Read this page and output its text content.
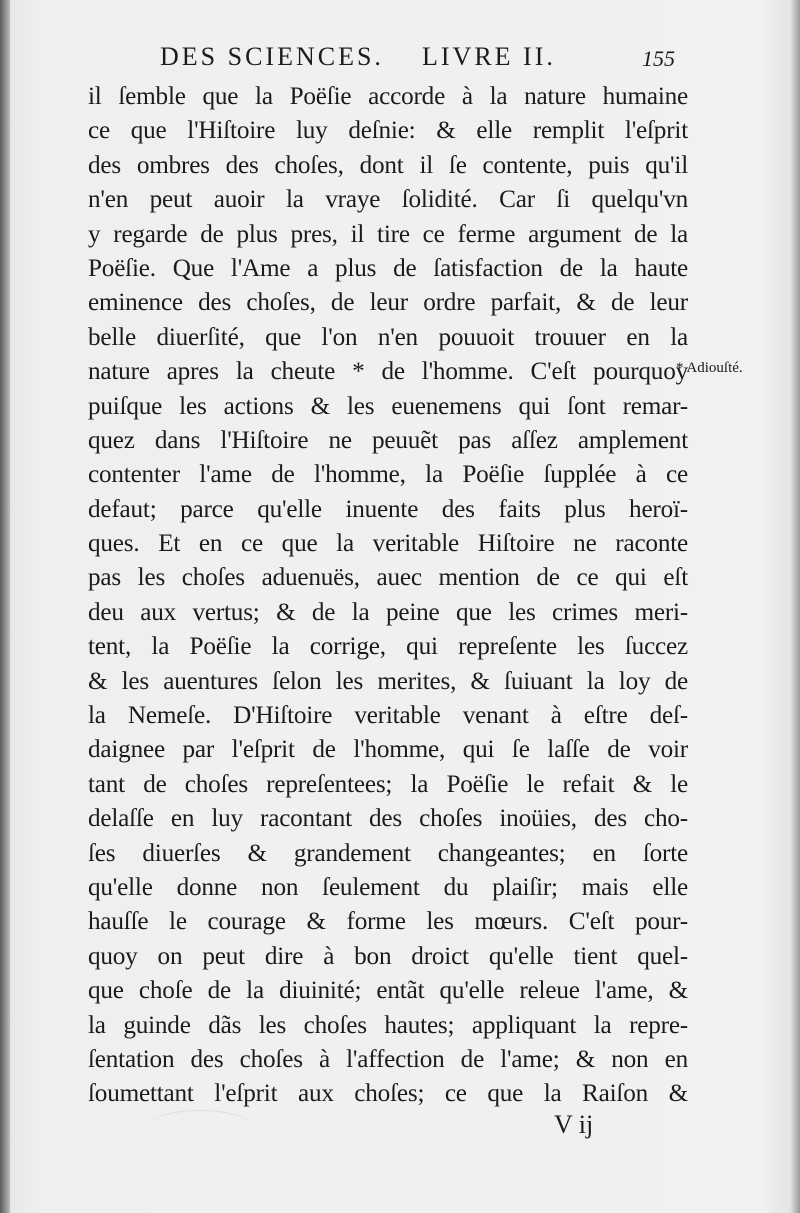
DES SCIENCES. LIVRE II.	155
il ſemble que la Poëſie accorde à la nature humaine
ce que l'Hiſtoire luy deſnie: & elle remplit l'eſprit
des ombres des choſes, dont il ſe contente, puis qu'il
n'en peut auoir la vraye ſolidité. Car ſi quelqu'vn
y regarde de plus pres, il tire ce ferme argument de la
Poëſie. Que l'Ame a plus de ſatisfaction de la haute
eminence des choſes, de leur ordre parfait, & de leur
belle diuerſité, que l'on n'en pouuoit trouuer en la
nature apres la cheute * de l'homme. C'eſt pourquoy
puiſque les actions & les euenemens qui ſont remar-
quez dans l'Hiſtoire ne peuuẽt pas aſſez amplement
contenter l'ame de l'homme, la Poëſie ſupplée à ce
defaut; parce qu'elle inuente des faits plus heroï-
ques. Et en ce que la veritable Hiſtoire ne raconte
pas les choſes aduenuës, auec mention de ce qui eſt
deu aux vertus; & de la peine que les crimes meri-
tent, la Poëſie la corrige, qui repreſente les ſuccez
& les auentures ſelon les merites, & ſuiuant la loy de
la Nemeſe. D'Hiſtoire veritable venant à eſtre deſ-
daignee par l'eſprit de l'homme, qui ſe laſſe de voir
tant de choſes repreſentees; la Poëſie le refait & le
delaſſe en luy racontant des choſes inoüies, des cho-
ſes diuerſes & grandement changeantes; en ſorte
qu'elle donne non ſeulement du plaiſir; mais elle
hauſſe le courage & forme les mœurs. C'eſt pour-
quoy on peut dire à bon droict qu'elle tient quel-
que choſe de la diuinité; entãt qu'elle releue l'ame, &
la guinde dãs les choſes hautes; appliquant la repre-
ſentation des choſes à l'affection de l'ame; & non en
ſoumettant l'eſprit aux choſes; ce que la Raiſon &
* Adiouſté.
V ij
